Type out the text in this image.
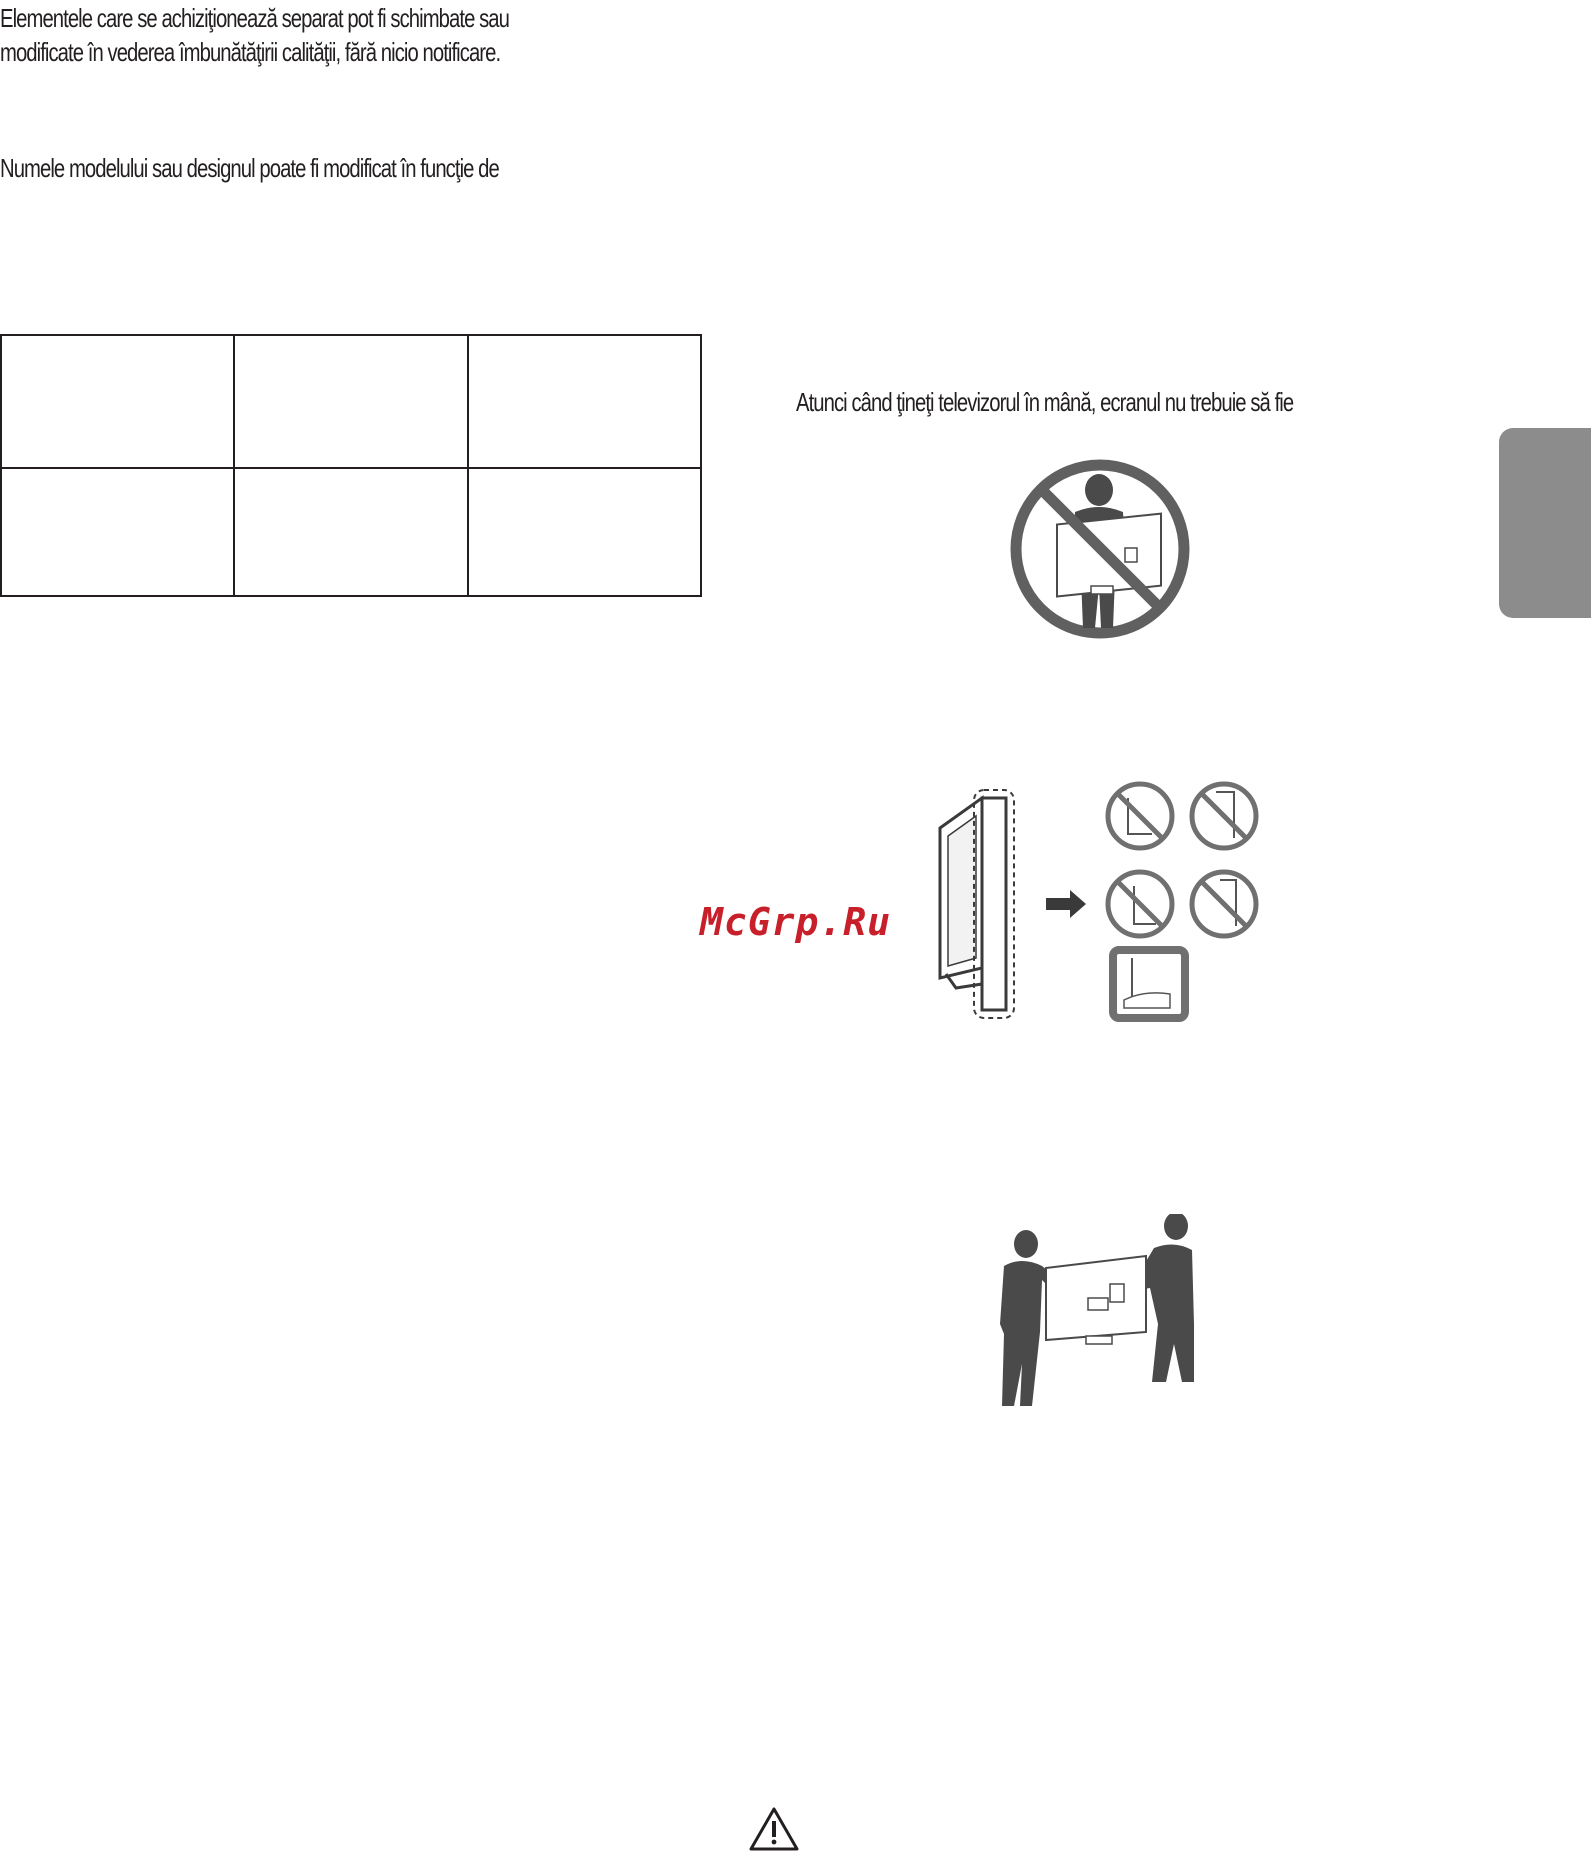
Elementele care se achiziţionează separat pot fi schimbate sau
modificate în vederea îmbunătăţirii calităţii, fără nicio notificare.
Numele modelului sau designul poate fi modificat în funcţie de

Atunci când ţineţi televizorul în mână, ecranul nu trebuie să fie
McGrp.Ru
